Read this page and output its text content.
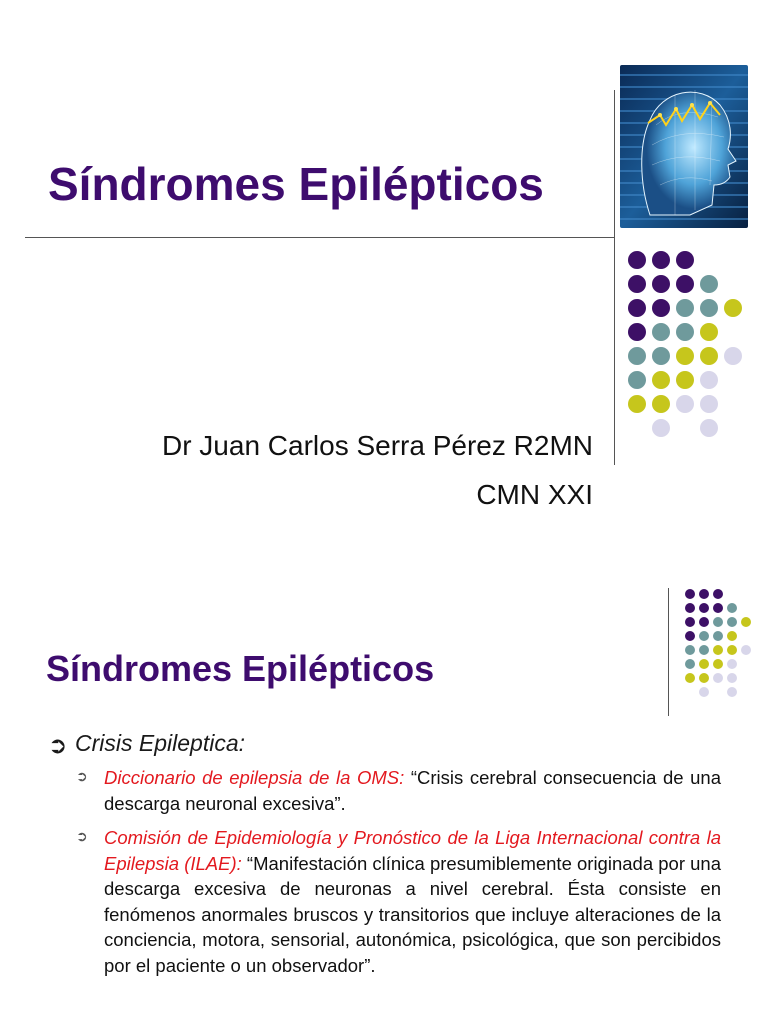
Síndromes Epilépticos

Dr Juan Carlos Serra Pérez R2MN

CMN XXI

Síndromes Epilépticos
➲ Crisis Epileptica:
➲ Diccionario de epilepsia de la OMS: “Crisis cerebral consecuencia de una descarga neuronal excesiva”.
➲ Comisión de Epidemiología y Pronóstico de la Liga Internacional contra la Epilepsia (ILAE): “Manifestación clínica presumiblemente originada por una descarga excesiva de neuronas a nivel cerebral. Ésta consiste en fenómenos anormales bruscos y transitorios que incluye alteraciones de la conciencia, motora, sensorial, autonómica, psicológica, que son percibidos por el paciente o un observador”.
